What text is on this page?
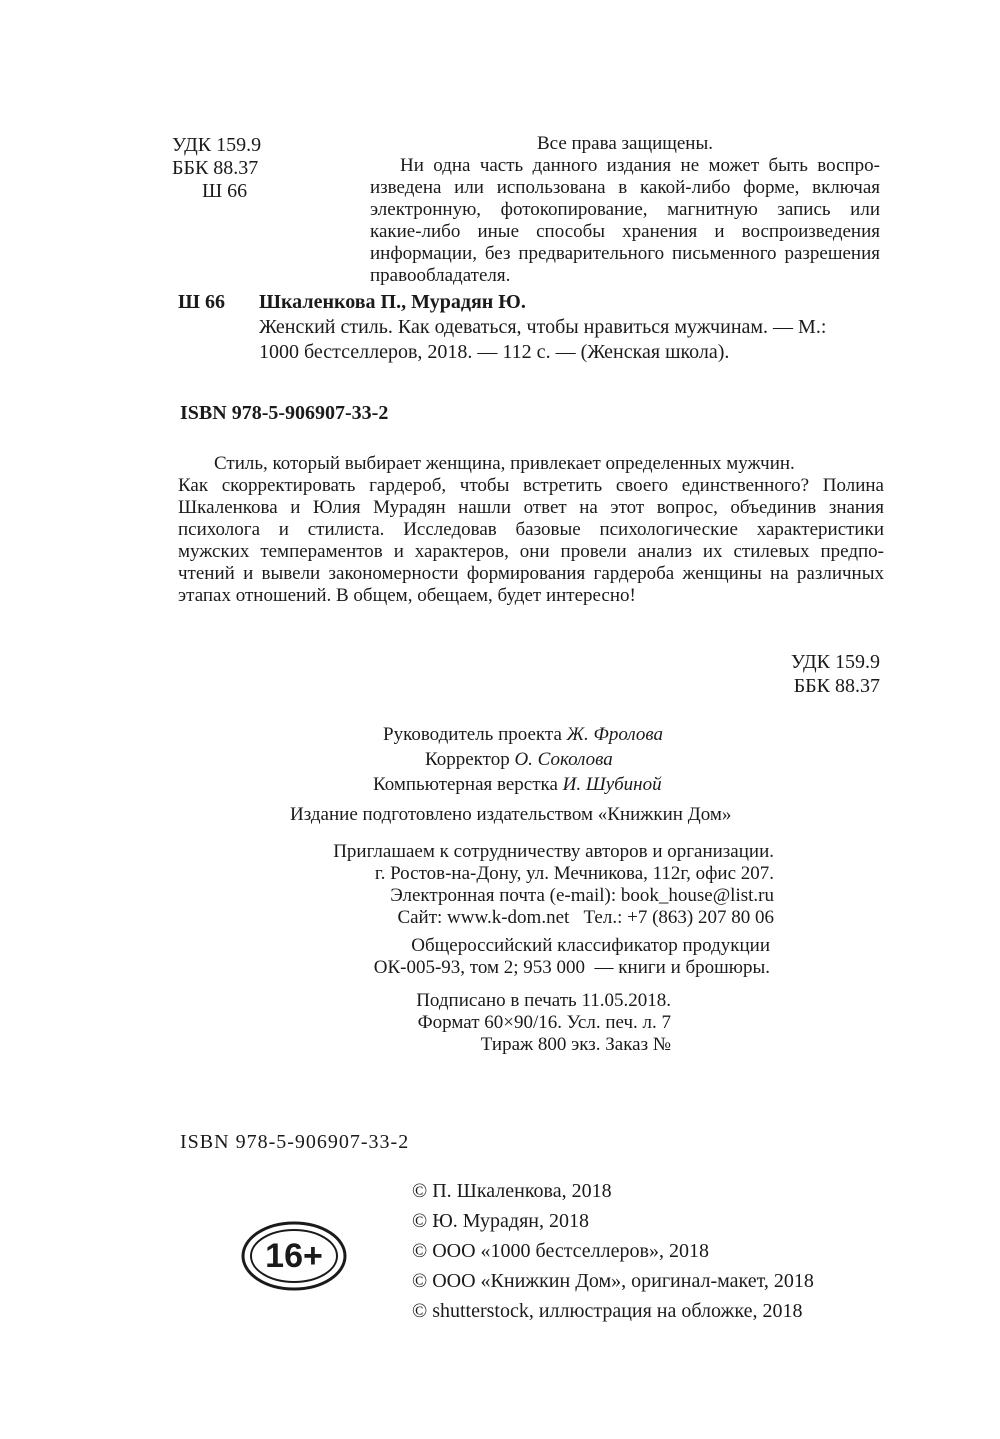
УДК 159.9
ББК 88.37
Ш 66
Все права защищены.
Ни одна часть данного издания не может быть воспро-
изведена или использована в какой-либо форме, включая
электронную, фотокопирование, магнитную запись или
какие-либо иные способы хранения и воспроизведения
информации, без предварительного письменного разрешения
правообладателя.
Ш 66 Шкаленкова П., Мурадян Ю.
Женский стиль. Как одеваться, чтобы нравиться мужчинам. — М.:
1000 бестселлеров, 2018. — 112 с. — (Женская школа).
ISBN 978-5-906907-33-2
Стиль, который выбирает женщина, привлекает определенных мужчин.
Как скорректировать гардероб, чтобы встретить своего единственного? Полина
Шкаленкова и Юлия Мурадян нашли ответ на этот вопрос, объединив знания
психолога и стилиста. Исследовав базовые психологические характеристики
мужских темпераментов и характеров, они провели анализ их стилевых предпо-
чтений и вывели закономерности формирования гардероба женщины на различных
этапах отношений. В общем, обещаем, будет интересно!
УДК 159.9
ББК 88.37
Руководитель проекта Ж. Фролова
Корректор О. Соколова
Компьютерная верстка И. Шубиной
Издание подготовлено издательством «Книжкин Дом»
Приглашаем к сотрудничеству авторов и организации.
г. Ростов-на-Дону, ул. Мечникова, 112г, офис 207.
Электронная почта (e-mail): book_house@list.ru
Сайт: www.k-dom.net   Тел.: +7 (863) 207 80 06
Общероссийский классификатор продукции
ОК-005-93, том 2; 953 000  — книги и брошюры.
Подписано в печать 11.05.2018.
Формат 60×90/16. Усл. печ. л. 7
Тираж 800 экз. Заказ №
ISBN 978-5-906907-33-2
© П. Шкаленкова, 2018
© Ю. Мурадян, 2018
© ООО «1000 бестселлеров», 2018
© ООО «Книжкин Дом», оригинал-макет, 2018
© shutterstock, иллюстрация на обложке, 2018
16+
